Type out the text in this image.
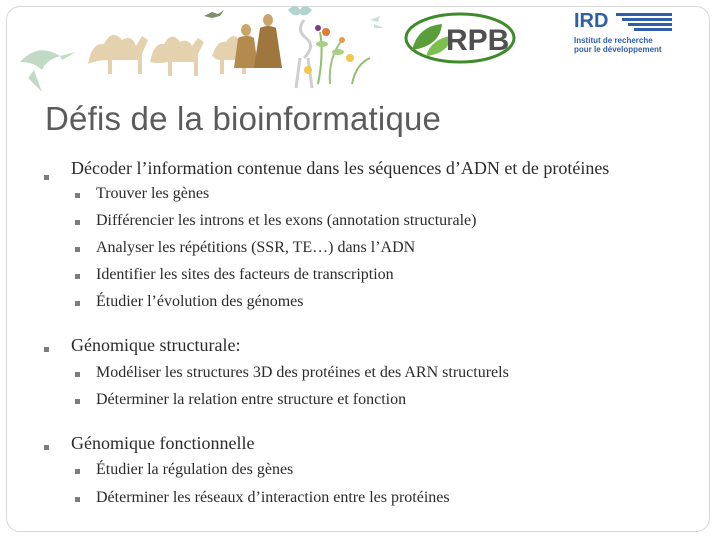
RPB
IRD
Institut de recherche
pour le développement
Défis de la bioinformatique
Décoder l’information contenue dans les séquences d’ADN et de protéines
Trouver les gènes
Différencier les introns et les exons (annotation structurale)
Analyser les répétitions (SSR, TE…) dans l’ADN
Identifier les sites des facteurs de transcription
Étudier l’évolution des génomes
Génomique structurale:
Modéliser les structures 3D des protéines et des ARN structurels
Déterminer la relation entre structure et fonction
Génomique fonctionnelle
Étudier la régulation des gènes
Déterminer les réseaux d’interaction entre les protéines
